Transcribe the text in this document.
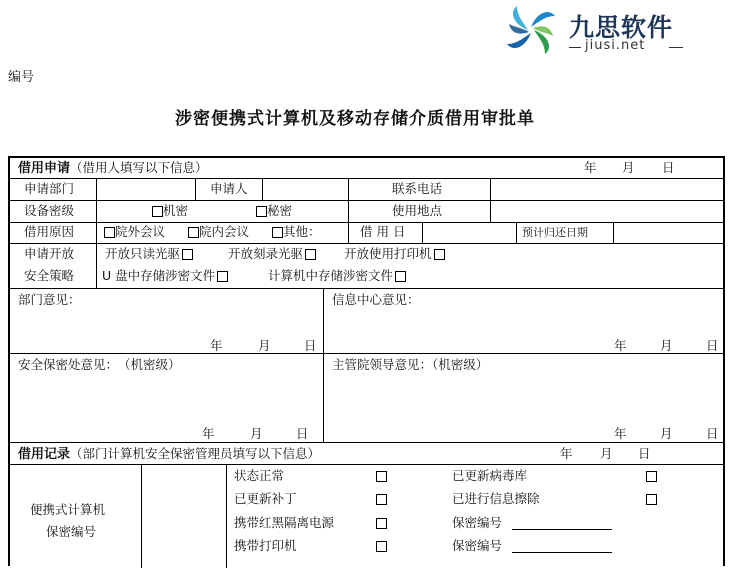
九思软件
jiusi.net
编号
涉密便携式计算机及移动存储介质借用审批单
借用申请（借用人填写以下信息）	年 月 日
申请部门	申请人	联系电话
设备密级	机密	秘密	使用地点
借用原因	院外会议	院内会议	其他：	借 用 日	预计归还日期
申请开放
安全策略
开放只读光驱	开放刻录光驱	开放使用打印机
U 盘中存储涉密文件	计算机中存储涉密文件
部门意见：	信息中心意见：
年	月	日	年	月	日
安全保密处意见：　（机密级）	主管院领导意见：（机密级）
年	月	日	年	月	日
借用记录（部门计算机安全保密管理员填写以下信息）	年 月 日
便携式计算机
保密编号
状态正常	已更新病毒库
已更新补丁	已进行信息擦除
携带红黑隔离电源	保密编号
携带打印机	保密编号
